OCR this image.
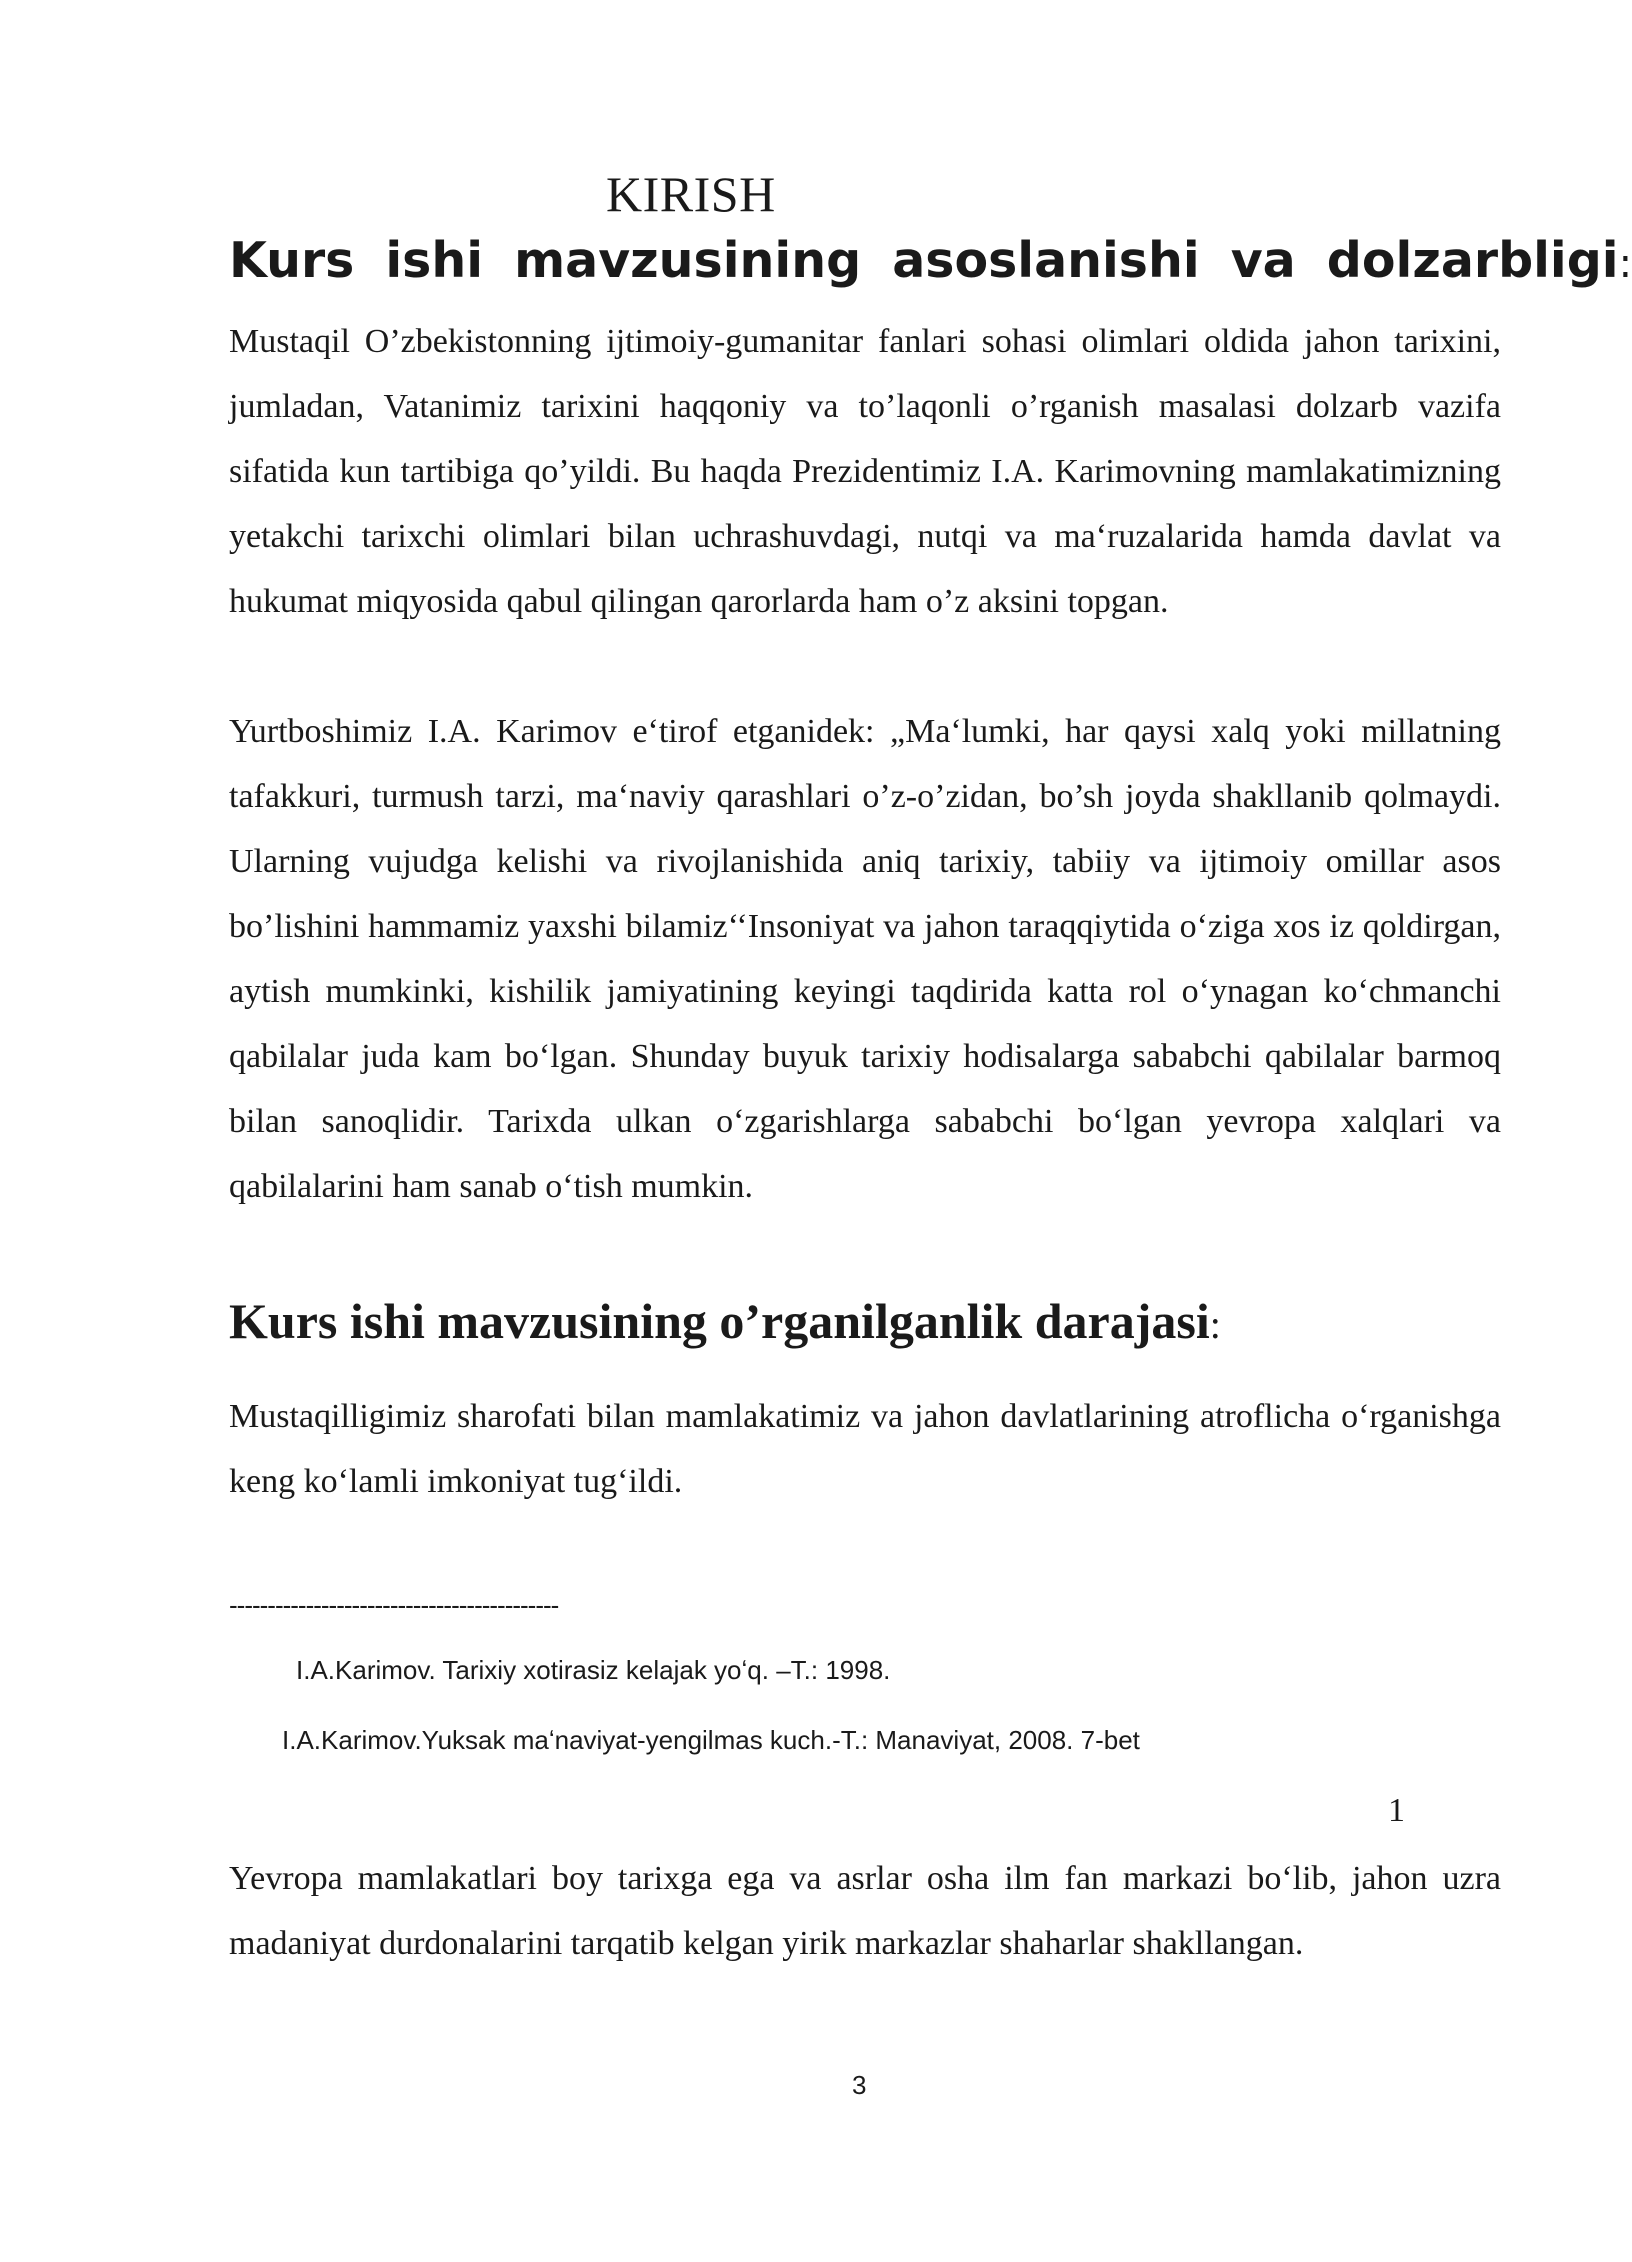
KIRISH
Kurs ishi mavzusining asoslanishi va dolzarbligi:
Mustaqil O’zbekistonning ijtimoiy-gumanitar fanlari sohasi olimlari oldida jahon tarixini, jumladan, Vatanimiz tarixini haqqoniy va to’laqonli o’rganish masalasi dolzarb vazifa sifatida kun tartibiga qo’yildi. Bu haqda Prezidentimiz I.A. Karimovning mamlakatimizning yetakchi tarixchi olimlari bilan uchrashuvdagi, nutqi va maʻruzalarida hamda davlat va hukumat miqyosida qabul qilingan qarorlarda ham o’z aksini topgan.
Yurtboshimiz I.A. Karimov eʻtirof etganidek: „Maʻlumki, har qaysi xalq yoki millatning tafakkuri, turmush tarzi, maʻnaviy qarashlari o’z-o’zidan, bo’sh joyda shakllanib qolmaydi. Ularning vujudga kelishi va rivojlanishida aniq tarixiy, tabiiy va ijtimoiy omillar asos bo’lishini hammamiz yaxshi bilamiz‘‘Insoniyat va jahon taraqqiytida oʻziga xos iz qoldirgan, aytish mumkinki, kishilik jamiyatining keyingi taqdirida katta rol oʻynagan koʻchmanchi qabilalar juda kam boʻlgan. Shunday buyuk tarixiy hodisalarga sababchi qabilalar barmoq bilan sanoqlidir. Tarixda ulkan oʻzgarishlarga sababchi boʻlgan yevropa xalqlari va qabilalarini ham sanab oʻtish mumkin.
Kurs ishi mavzusining o’rganilganlik darajasi:
Mustaqilligimiz sharofati bilan mamlakatimiz va jahon davlatlarining atroflicha oʻrganishga keng koʻlamli imkoniyat tugʻildi.
-------------------------------------------
I.A.Karimov. Tarixiy xotirasiz kelajak yoʻq. –T.: 1998.
I.A.Karimov.Yuksak maʻnaviyat-yengilmas kuch.-T.: Manaviyat, 2008. 7-bet
1
Yevropa mamlakatlari boy tarixga ega va asrlar osha ilm fan markazi boʻlib, jahon uzra madaniyat durdonalarini tarqatib kelgan yirik markazlar shaharlar shakllangan.
3
